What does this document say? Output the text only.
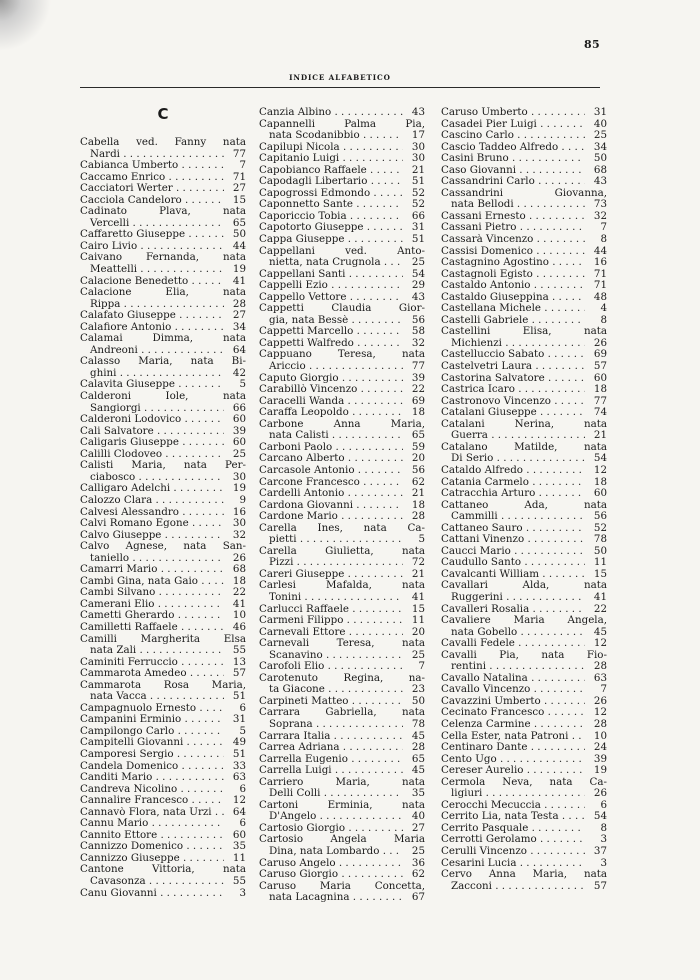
85
INDICE ALFABETICO
C
Cabella ved. Fanny nata
Nardi . . .	77
Cabianca Umberto . . .	7
Caccamo Enrico . . .	71
Cacciatori Werter . . .	27
Cacciola Candeloro . . .	15
Cadinato Plava, nata
Vercelli . . .	65
Caffaretto Giuseppe . . .	50
Cairo Livio . . .	44
Caivano Fernanda, nata
Meattelli . . .	19
Calacione Benedetto . . .	41
Calacione Elia, nata
Rippa . . .	28
Calafato Giuseppe . . .	27
Calafiore Antonio . . .	34
Calamai Dimma, nata
Andreoni . . .	64
Calasso Maria, nata Bi-
ghini . . .	42
Calavita Giuseppe . . .	5
Calderoni Iole, nata
Sangiorgi . . .	66
Calderoni Lodovico . . .	60
Cali Salvatore . . .	39
Caligaris Giuseppe . . .	60
Calilli Clodoveo . . .	25
Calisti Maria, nata Per-
ciabosco . . .	30
Calligaro Adelchi . . .	19
Calozzo Clara . . .	9
Calvesi Alessandro . . .	16
Calvi Romano Egone . . .	30
Calvo Giuseppe . . .	32
Calvo Agnese, nata San-
taniello . . .	26
Camarri Mario . . .	68
Cambi Gina, nata Gaio . . .	18
Cambi Silvano . . .	22
Camerani Elio . . .	41
Cametti Gherardo . . .	10
Camilletti Raffaele . . .	46
Camilli Margherita Elsa
nata Zali . . .	55
Caminiti Ferruccio . . .	13
Cammarota Amedeo . . .	57
Cammarota Rosa Maria,
nata Vacca . . .	51
Campagnuolo Ernesto . . .	6
Campanini Erminio . . .	31
Campilongo Carlo . . .	5
Campitelli Giovanni . . .	49
Camporesi Sergio . . .	51
Candela Domenico . . .	33
Canditi Mario . . .	63
Candreva Nicolino . . .	6
Cannalire Francesco . . .	12
Cannavò Flora, nata Urzi . . .	64
Cannu Mario . . .	6
Cannito Ettore . . .	60
Cannizzo Domenico . . .	35
Cannizzo Giuseppe . . .	11
Cantone Vittoria, nata
Cavasonza . . .	55
Canu Giovanni . . .	3
Canzia Albino . . .	43
Capannelli Palma Pia,
nata Scodanibbio . . .	17
Capilupi Nicola . . .	30
Capitanio Luigi . . .	30
Capobianco Raffaele . . .	21
Capodagli Libertario . . .	51
Capogrossi Edmondo . . .	52
Caponnetto Sante . . .	52
Caporiccio Tobia . . .	66
Capotorto Giuseppe . . .	31
Cappa Giuseppe . . .	51
Cappellani ved. Anto-
nietta, nata Crugnola . . .	25
Cappellani Santi . . .	54
Cappelli Ezio . . .	29
Cappello Vettore . . .	43
Cappetti Claudia Gior-
gia, nata Bessè . . .	56
Cappetti Marcello . . .	58
Cappetti Walfredo . . .	32
Cappuano Teresa, nata
Ariccio . . .	77
Caputo Giorgio . . .	39
Carabillò Vincenzo . . .	22
Caracelli Wanda . . .	69
Caraffa Leopoldo . . .	18
Carbone Anna Maria,
nata Calisti . . .	65
Carboni Paolo . . .	59
Carcano Alberto . . .	20
Carcasole Antonio . . .	56
Carcone Francesco . . .	62
Cardelli Antonio . . .	21
Cardona Giovanni . . .	18
Cardone Mario . . .	28
Carella Ines, nata Ca-
pietti . . .	5
Carella Giulietta, nata
Pizzi . . .	72
Careri Giuseppe . . .	21
Carlesi Mafalda, nata
Tonini . . .	41
Carlucci Raffaele . . .	15
Carmeni Filippo . . .	11
Carnevali Ettore . . .	20
Carnevali Teresa, nata
Scanavino . . .	25
Carofoli Elio . . .	7
Carotenuto Regina, na-
ta Giacone . . .	23
Carpineti Matteo . . .	50
Carrara Gabriella, nata
Soprana . . .	78
Carrara Italia . . .	45
Carrea Adriana . . .	28
Carrella Eugenio . . .	65
Carrella Luigi . . .	45
Carriero Maria, nata
Delli Colli . . .	35
Cartoni Erminia, nata
D'Angelo . . .	40
Cartosio Giorgio . . .	27
Cartosio Angela Maria
Dina, nata Lombardo . . .	25
Caruso Angelo . . .	36
Caruso Giorgio . . .	62
Caruso Maria Concetta,
nata Lacagnina . . .	67
Caruso Umberto . . .	31
Casadei Pier Luigi . . .	40
Cascino Carlo . . .	25
Cascio Taddeo Alfredo . . .	34
Casini Bruno . . .	50
Caso Giovanni . . .	68
Cassandrini Carlo . . .	43
Cassandrini Giovanna,
nata Bellodi . . .	73
Cassani Ernesto . . .	32
Cassani Pietro . . .	7
Cassarà Vincenzo . . .	8
Cassisi Domenico . . .	44
Castagnino Agostino . . .	16
Castagnoli Egisto . . .	71
Castaldo Antonio . . .	71
Castaldo Giuseppina . . .	48
Castellana Michele . . .	4
Castelli Gabriele . . .	8
Castellini Elisa, nata
Michienzi . . .	26
Castelluccio Sabato . . .	69
Castelvetri Laura . . .	57
Castorina Salvatore . . .	60
Castrica Icaro . . .	18
Castronovo Vincenzo . . .	77
Catalani Giuseppe . . .	74
Catalani Nerina, nata
Guerra . . .	21
Catalano Matilde, nata
Di Serio . . .	54
Cataldo Alfredo . . .	12
Catania Carmelo . . .	18
Catracchia Arturo . . .	60
Cattaneo Ada, nata
Cammilli . . .	56
Cattaneo Sauro . . .	52
Cattani Vinenzo . . .	78
Caucci Mario . . .	50
Caudullo Santo . . .	11
Cavalcanti William . . .	15
Cavallari Alda, nata
Ruggerini . . .	41
Cavalleri Rosalia . . .	22
Cavaliere Maria Angela,
nata Gobello . . .	45
Cavalli Fedele . . .	12
Cavalli Pia, nata Fio-
rentini . . .	28
Cavallo Natalina . . .	63
Cavallo Vincenzo . . .	7
Cavazzini Umberto . . .	26
Cecinato Francesco . . .	12
Celenza Carmine . . .	28
Cella Ester, nata Patroni . . .	10
Centinaro Dante . . .	24
Cento Ugo . . .	39
Cereser Aurelio . . .	19
Cermola Neva, nata Ca-
ligiuri . . .	26
Cerocchi Mecuccia . . .	6
Cerrito Lia, nata Testa . . .	54
Cerrito Pasquale . . .	8
Cerrotti Gerolamo . . .	3
Cerulli Vincenzo . . .	37
Cesarini Lucia . . .	3
Cervo Anna Maria, nata
Zacconi . . .	57
